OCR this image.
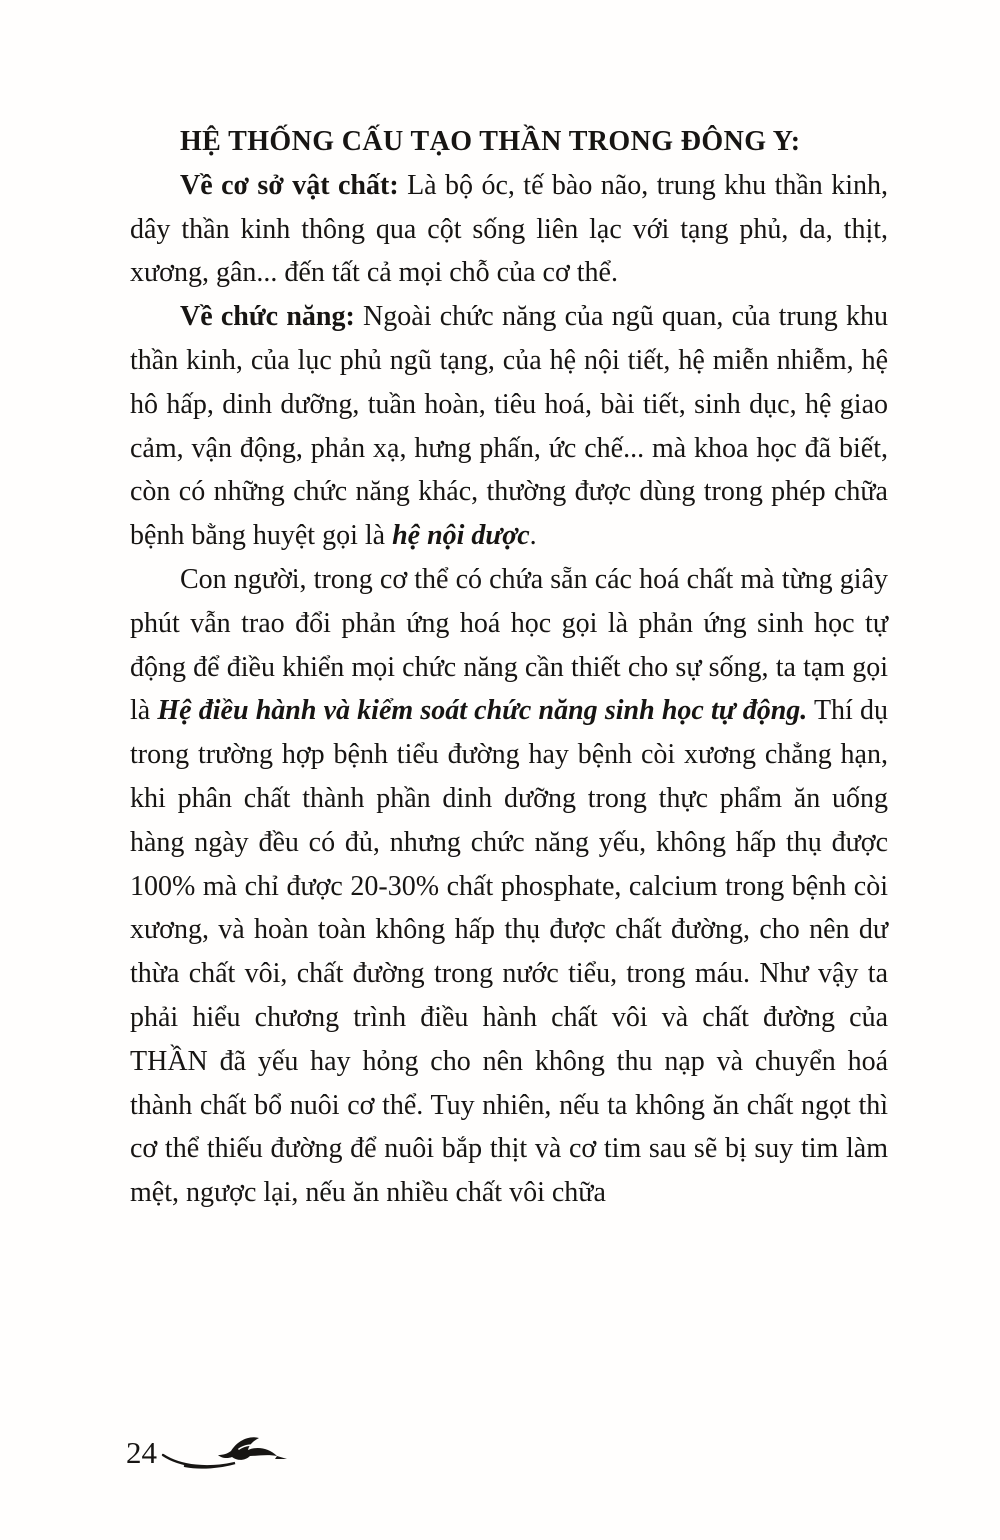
HỆ THỐNG CẤU TẠO THẦN TRONG ĐÔNG Y:

Về cơ sở vật chất: Là bộ óc, tế bào não, trung khu thần kinh, dây thần kinh thông qua cột sống liên lạc với tạng phủ, da, thịt, xương, gân... đến tất cả mọi chỗ của cơ thể.

Về chức năng: Ngoài chức năng của ngũ quan, của trung khu thần kinh, của lục phủ ngũ tạng, của hệ nội tiết, hệ miễn nhiễm, hệ hô hấp, dinh dưỡng, tuần hoàn, tiêu hoá, bài tiết, sinh dục, hệ giao cảm, vận động, phản xạ, hưng phấn, ức chế... mà khoa học đã biết, còn có những chức năng khác, thường được dùng trong phép chữa bệnh bằng huyệt gọi là hệ nội dược.

Con người, trong cơ thể có chứa sẵn các hoá chất mà từng giây phút vẫn trao đổi phản ứng hoá học gọi là phản ứng sinh học tự động để điều khiển mọi chức năng cần thiết cho sự sống, ta tạm gọi là Hệ điều hành và kiểm soát chức năng sinh học tự động. Thí dụ trong trường hợp bệnh tiểu đường hay bệnh còi xương chẳng hạn, khi phân chất thành phần dinh dưỡng trong thực phẩm ăn uống hàng ngày đều có đủ, nhưng chức năng yếu, không hấp thụ được 100% mà chỉ được 20-30% chất phosphate, calcium trong bệnh còi xương, và hoàn toàn không hấp thụ được chất đường, cho nên dư thừa chất vôi, chất đường trong nước tiểu, trong máu. Như vậy ta phải hiểu chương trình điều hành chất vôi và chất đường của THẦN đã yếu hay hỏng cho nên không thu nạp và chuyển hoá thành chất bổ nuôi cơ thể. Tuy nhiên, nếu ta không ăn chất ngọt thì cơ thể thiếu đường để nuôi bắp thịt và cơ tim sau sẽ bị suy tim làm mệt, ngược lại, nếu ăn nhiều chất vôi chữa

24
